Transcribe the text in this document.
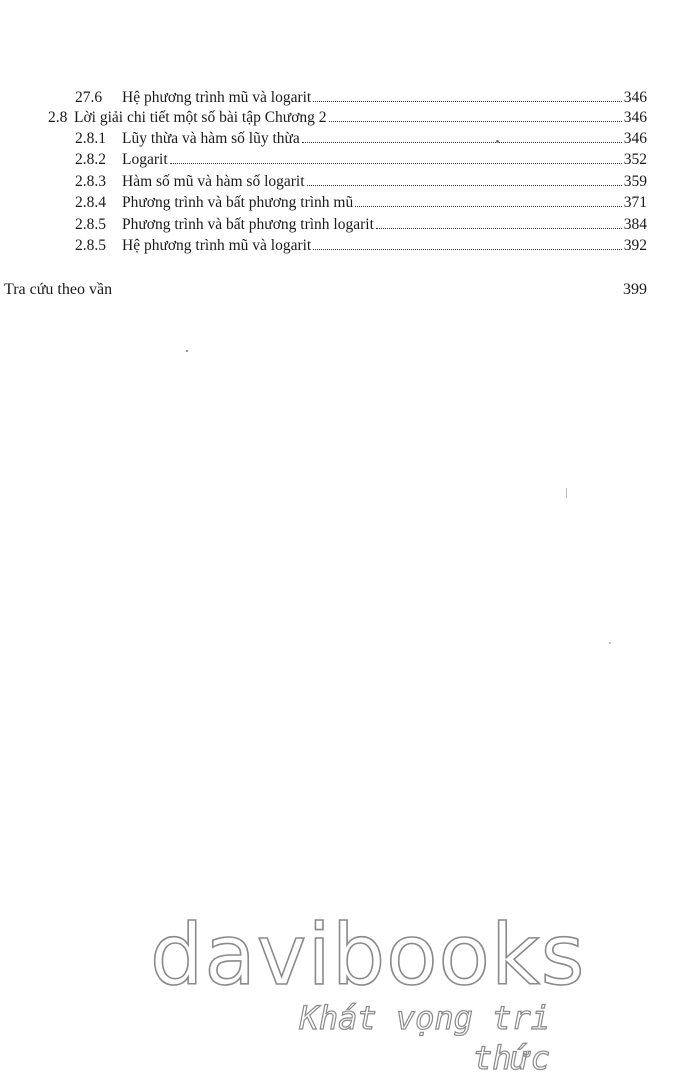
27.6	Hệ phương trình mũ và logarit	346
2.8 Lời giải chi tiết một số bài tập Chương 2	346
2.8.1	Lũy thừa và hàm số lũy thừa	346
2.8.2	Logarit	352
2.8.3	Hàm số mũ và hàm số logarit	359
2.8.4	Phương trình và bất phương trình mũ	371
2.8.5	Phương trình và bất phương trình logarit	384
2.8.5	Hệ phương trình mũ và logarit	392
Tra cứu theo vần	399
davibooks
Khát vọng tri thức
